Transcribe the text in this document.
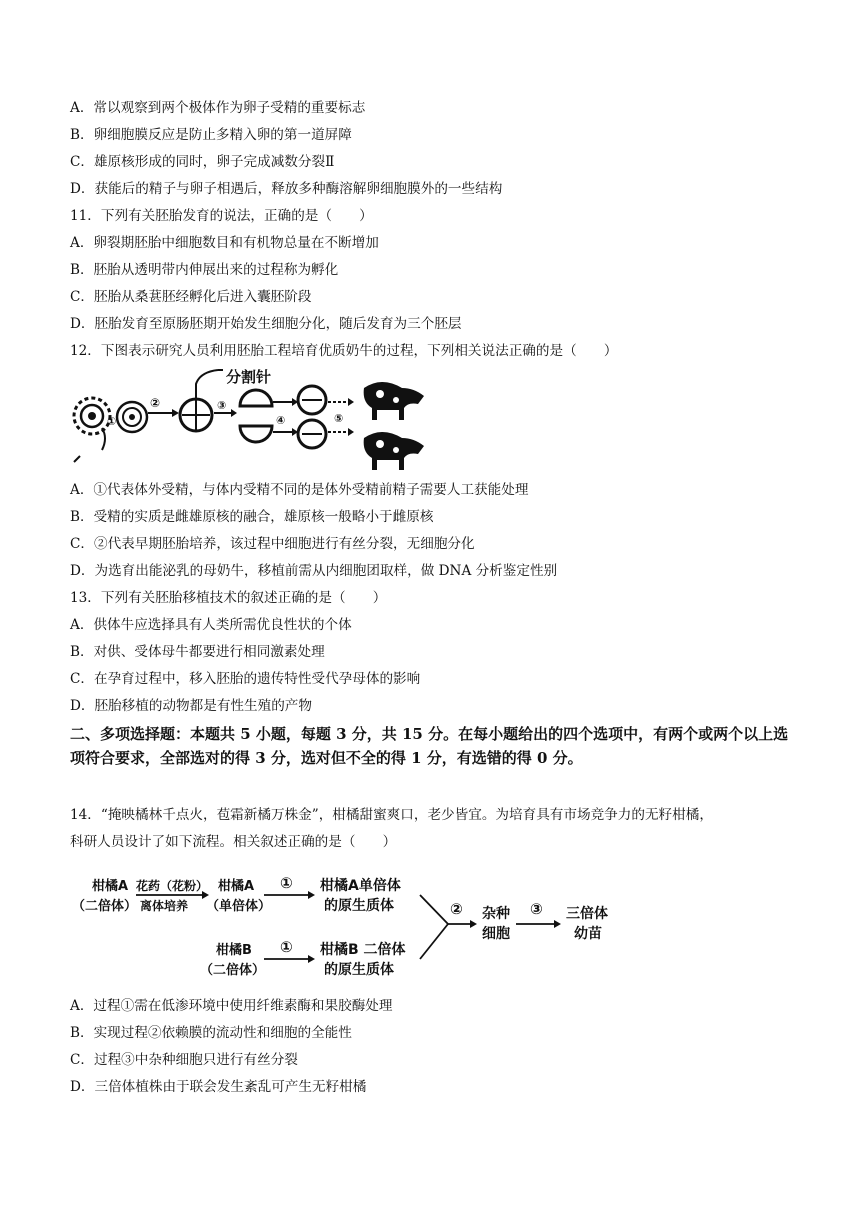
A．常以观察到两个极体作为卵子受精的重要标志
B．卵细胞膜反应是防止多精入卵的第一道屏障
C．雄原核形成的同时，卵子完成减数分裂Ⅱ
D．获能后的精子与卵子相遇后，释放多种酶溶解卵细胞膜外的一些结构
11．下列有关胚胎发育的说法，正确的是（　　）
A．卵裂期胚胎中细胞数目和有机物总量在不断增加
B．胚胎从透明带内伸展出来的过程称为孵化
C．胚胎从桑葚胚经孵化后进入囊胚阶段
D．胚胎发育至原肠胚期开始发生细胞分化，随后发育为三个胚层
12．下图表示研究人员利用胚胎工程培育优质奶牛的过程，下列相关说法正确的是（　　）
①
②
分割针
③
④	⑤
A．①代表体外受精，与体内受精不同的是体外受精前精子需要人工获能处理
B．受精的实质是雌雄原核的融合，雄原核一般略小于雌原核
C．②代表早期胚胎培养，该过程中细胞进行有丝分裂，无细胞分化
D．为选育出能泌乳的母奶牛，移植前需从内细胞团取样，做 DNA 分析鉴定性别
13．下列有关胚胎移植技术的叙述正确的是（　　）
A．供体牛应选择具有人类所需优良性状的个体
B．对供、受体母牛都要进行相同激素处理
C．在孕育过程中，移入胚胎的遗传特性受代孕母体的影响
D．胚胎移植的动物都是有性生殖的产物
二、多项选择题：本题共 5 小题，每题 3 分，共 15 分。在每小题给出的四个选项中，有两个或两个以上选项符合要求，全部选对的得 3 分，选对但不全的得 1 分，有选错的得 0 分。
14．“掩映橘林千点火，苞霜新橘万株金”，柑橘甜蜜爽口，老少皆宜。为培育具有市场竞争力的无籽柑橘，
科研人员设计了如下流程。相关叙述正确的是（　　）
柑橘A
（二倍体）
花药（花粉）
离体培养
柑橘A
（单倍体）
① 柑橘A单倍体
的原生质体
柑橘B
（二倍体）
① 柑橘B 二倍体
的原生质体
② 杂种
细胞
③ 三倍体
幼苗
A．过程①需在低渗环境中使用纤维素酶和果胶酶处理
B．实现过程②依赖膜的流动性和细胞的全能性
C．过程③中杂种细胞只进行有丝分裂
D．三倍体植株由于联会发生紊乱可产生无籽柑橘
